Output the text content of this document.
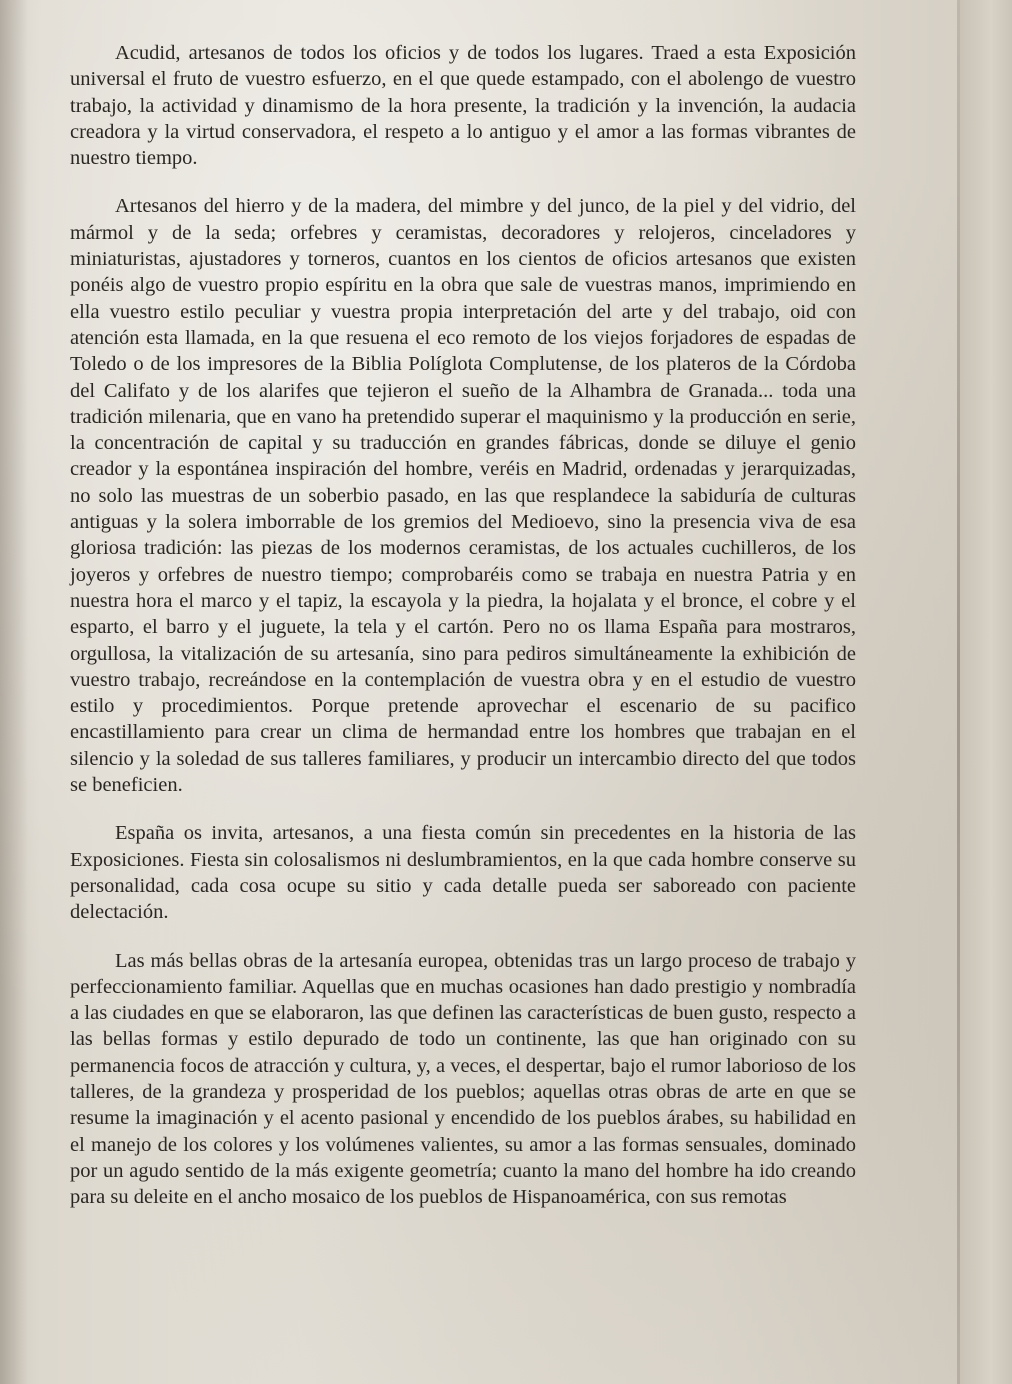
Acudid, artesanos de todos los oficios y de todos los lugares. Traed a esta Exposición universal el fruto de vuestro esfuerzo, en el que quede estampado, con el abolengo de vuestro trabajo, la actividad y dinamismo de la hora presente, la tradición y la invención, la audacia creadora y la virtud conservadora, el respeto a lo antiguo y el amor a las formas vibrantes de nuestro tiempo.

Artesanos del hierro y de la madera, del mimbre y del junco, de la piel y del vidrio, del mármol y de la seda; orfebres y ceramistas, decoradores y relojeros, cinceladores y miniaturistas, ajustadores y torneros, cuantos en los cientos de oficios artesanos que existen ponéis algo de vuestro propio espíritu en la obra que sale de vuestras manos, imprimiendo en ella vuestro estilo peculiar y vuestra propia interpretación del arte y del trabajo, oid con atención esta llamada, en la que resuena el eco remoto de los viejos forjadores de espadas de Toledo o de los impresores de la Biblia Políglota Complutense, de los plateros de la Córdoba del Califato y de los alarifes que tejieron el sueño de la Alhambra de Granada... toda una tradición milenaria, que en vano ha pretendido superar el maquinismo y la producción en serie, la concentración de capital y su traducción en grandes fábricas, donde se diluye el genio creador y la espontánea inspiración del hombre, veréis en Madrid, ordenadas y jerarquizadas, no solo las muestras de un soberbio pasado, en las que resplandece la sabiduría de culturas antiguas y la solera imborrable de los gremios del Medioevo, sino la presencia viva de esa gloriosa tradición: las piezas de los modernos ceramistas, de los actuales cuchilleros, de los joyeros y orfebres de nuestro tiempo; comprobaréis como se trabaja en nuestra Patria y en nuestra hora el marco y el tapiz, la escayola y la piedra, la hojalata y el bronce, el cobre y el esparto, el barro y el juguete, la tela y el cartón. Pero no os llama España para mostraros, orgullosa, la vitalización de su artesanía, sino para pediros simultáneamente la exhibición de vuestro trabajo, recreándose en la contemplación de vuestra obra y en el estudio de vuestro estilo y procedimientos. Porque pretende aprovechar el escenario de su pacifico encastillamiento para crear un clima de hermandad entre los hombres que trabajan en el silencio y la soledad de sus talleres familiares, y producir un intercambio directo del que todos se beneficien.

España os invita, artesanos, a una fiesta común sin precedentes en la historia de las Exposiciones. Fiesta sin colosalismos ni deslumbramientos, en la que cada hombre conserve su personalidad, cada cosa ocupe su sitio y cada detalle pueda ser saboreado con paciente delectación.

Las más bellas obras de la artesanía europea, obtenidas tras un largo proceso de trabajo y perfeccionamiento familiar. Aquellas que en muchas ocasiones han dado prestigio y nombradía a las ciudades en que se elaboraron, las que definen las características de buen gusto, respecto a las bellas formas y estilo depurado de todo un continente, las que han originado con su permanencia focos de atracción y cultura, y, a veces, el despertar, bajo el rumor laborioso de los talleres, de la grandeza y prosperidad de los pueblos; aquellas otras obras de arte en que se resume la imaginación y el acento pasional y encendido de los pueblos árabes, su habilidad en el manejo de los colores y los volúmenes valientes, su amor a las formas sensuales, dominado por un agudo sentido de la más exigente geometría; cuanto la mano del hombre ha ido creando para su deleite en el ancho mosaico de los pueblos de Hispanoamérica, con sus remotas
